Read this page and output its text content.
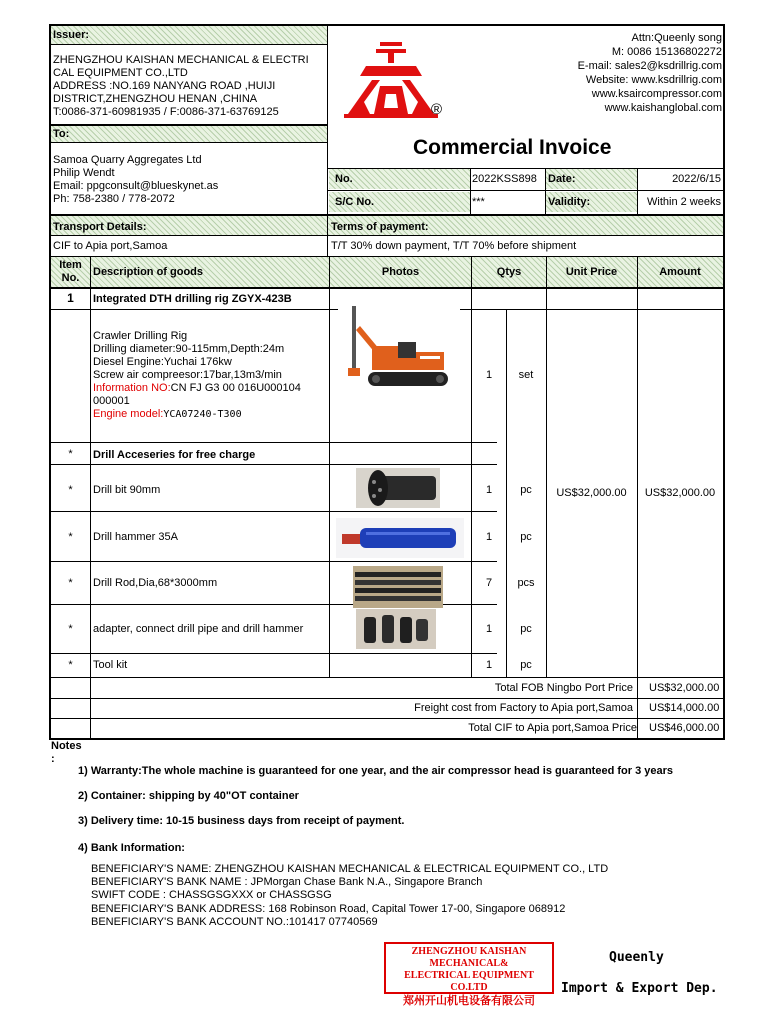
Issuer:
ZHENGZHOU KAISHAN MECHANICAL & ELECTRI
CAL EQUIPMENT CO.,LTD
ADDRESS :NO.169 NANYANG ROAD ,HUIJI
DISTRICT,ZHENGZHOU HENAN ,CHINA
T:0086-371-60981935 / F:0086-371-63769125
To:
Samoa Quarry Aggregates Ltd
Philip Wendt
Email: ppgconsult@blueskynet.as
Ph: 758-2380 / 778-2072
®
Attn:Queenly song
M: 0086 15136802272
E-mail: sales2@ksdrillrig.com
Website: www.ksdrillrig.com
www.ksaircompressor.com
www.kaishanglobal.com
Commercial Invoice
No.	2022KSS898 Date:	2022/6/15
S/C No.	***	Validity:	Within 2 weeks
Transport Details:	Terms of payment:
CIF to Apia port,Samoa	T/T 30% down payment, T/T 70% before shipment
Item
No.	Description of goods	Photos	Qtys	Unit Price	Amount
1	Integrated DTH drilling rig ZGYX-423B
Crawler Drilling Rig
Drilling diameter:90-115mm,Depth:24m
Diesel Engine:Yuchai 176kw
Screw air compreesor:17bar,13m3/min
Information NO:CN FJ G3 00 016U000104
000001
Engine model:YCA07240-T300
1	set
*	Drill Acceseries for free charge
*	Drill bit 90mm	1	pc
*	Drill hammer 35A	1	pc
*	Drill Rod,Dia,68*3000mm	7	pcs
*	adapter, connect drill pipe and drill hammer	1	pc
*	Tool kit	1	pc
US$32,000.00	US$32,000.00
Total FOB Ningbo Port Price US$32,000.00
Freight cost from Factory to Apia port,Samoa US$14,000.00
Total CIF to Apia port,Samoa Price US$46,000.00
Notes
:
1) Warranty:The whole machine is guaranteed for one year, and the air compressor head is guaranteed for 3 years
2) Container: shipping by 40"OT container
3) Delivery time: 10-15 business days from receipt of payment.
4) Bank Information:
BENEFICIARY'S NAME: ZHENGZHOU KAISHAN MECHANICAL & ELECTRICAL EQUIPMENT CO., LTD
BENEFICIARY'S BANK NAME : JPMorgan Chase Bank N.A., Singapore Branch
SWIFT CODE : CHASSGSGXXX or CHASSGSG
BENEFICIARY'S BANK ADDRESS: 168 Robinson Road, Capital Tower 17-00, Singapore 068912
BENEFICIARY'S BANK ACCOUNT NO.:101417 07740569
ZHENGZHOU KAISHAN MECHANICAL&
ELECTRICAL EQUIPMENT CO.LTD
郑州开山机电设备有限公司
Queenly
Import & Export Dep.
